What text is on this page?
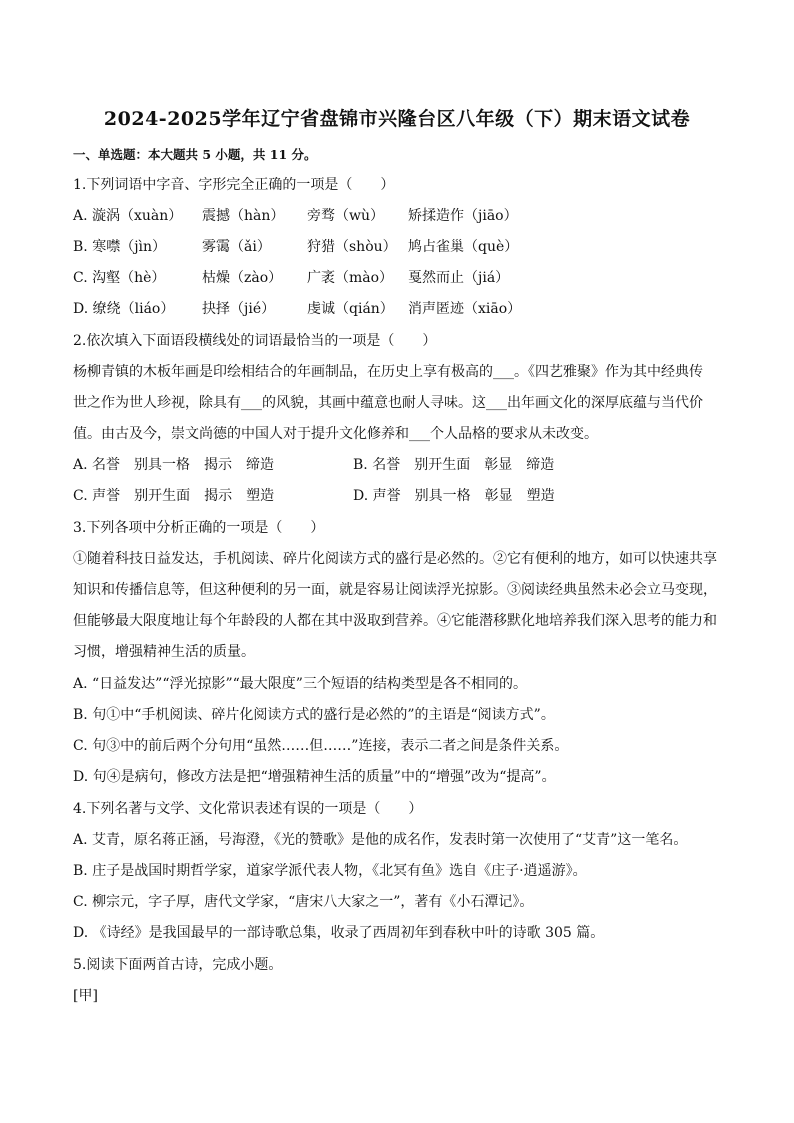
2024-2025学年辽宁省盘锦市兴隆台区八年级（下）期末语文试卷
一、单选题：本大题共 5 小题，共 11 分。
1.下列词语中字音、字形完全正确的一项是（　　）
A. 漩涡（xuàn） 震撼（hàn） 旁骛（wù） 矫揉造作（jiāo）
B. 寒噤（jìn）	雾霭（ǎi）	狩猎（shòu） 鸠占雀巢（què）
C. 沟壑（hè）	枯燥（zào） 广袤（mào） 戛然而止（jiá）
D. 缭绕（liáo） 抉择（jié） 虔诚（qián） 消声匿迹（xiāo）
2.依次填入下面语段横线处的词语最恰当的一项是（　　）
杨柳青镇的木板年画是印绘相结合的年画制品，在历史上享有极高的___。《四艺雅聚》作为其中经典传
世之作为世人珍视，除具有___的风貌，其画中蕴意也耐人寻味。这___出年画文化的深厚底蕴与当代价
值。由古及今，崇文尚德的中国人对于提升文化修养和___个人品格的要求从未改变。
A. 名誉　别具一格　揭示　缔造	B. 名誉　别开生面　彰显　缔造
C. 声誉　别开生面　揭示　塑造	D. 声誉　别具一格　彰显　塑造
3.下列各项中分析正确的一项是（　　）
①随着科技日益发达，手机阅读、碎片化阅读方式的盛行是必然的。②它有便利的地方，如可以快速共享
知识和传播信息等，但这种便利的另一面，就是容易让阅读浮光掠影。③阅读经典虽然未必会立马变现，
但能够最大限度地让每个年龄段的人都在其中汲取到营养。④它能潜移默化地培养我们深入思考的能力和
习惯，增强精神生活的质量。
A. “日益发达”“浮光掠影”“最大限度”三个短语的结构类型是各不相同的。
B. 句①中“手机阅读、碎片化阅读方式的盛行是必然的”的主语是“阅读方式”。
C. 句③中的前后两个分句用“虽然……但……”连接，表示二者之间是条件关系。
D. 句④是病句，修改方法是把“增强精神生活的质量”中的“增强”改为“提高”。
4.下列名著与文学、文化常识表述有误的一项是（　　）
A. 艾青，原名蒋正涵，号海澄，《光的赞歌》是他的成名作，发表时第一次使用了“艾青”这一笔名。
B. 庄子是战国时期哲学家，道家学派代表人物，《北冥有鱼》选自《庄子·逍遥游》。
C. 柳宗元，字子厚，唐代文学家，“唐宋八大家之一”，著有《小石潭记》。
D. 《诗经》是我国最早的一部诗歌总集，收录了西周初年到春秋中叶的诗歌 305 篇。
5.阅读下面两首古诗，完成小题。
[甲]
